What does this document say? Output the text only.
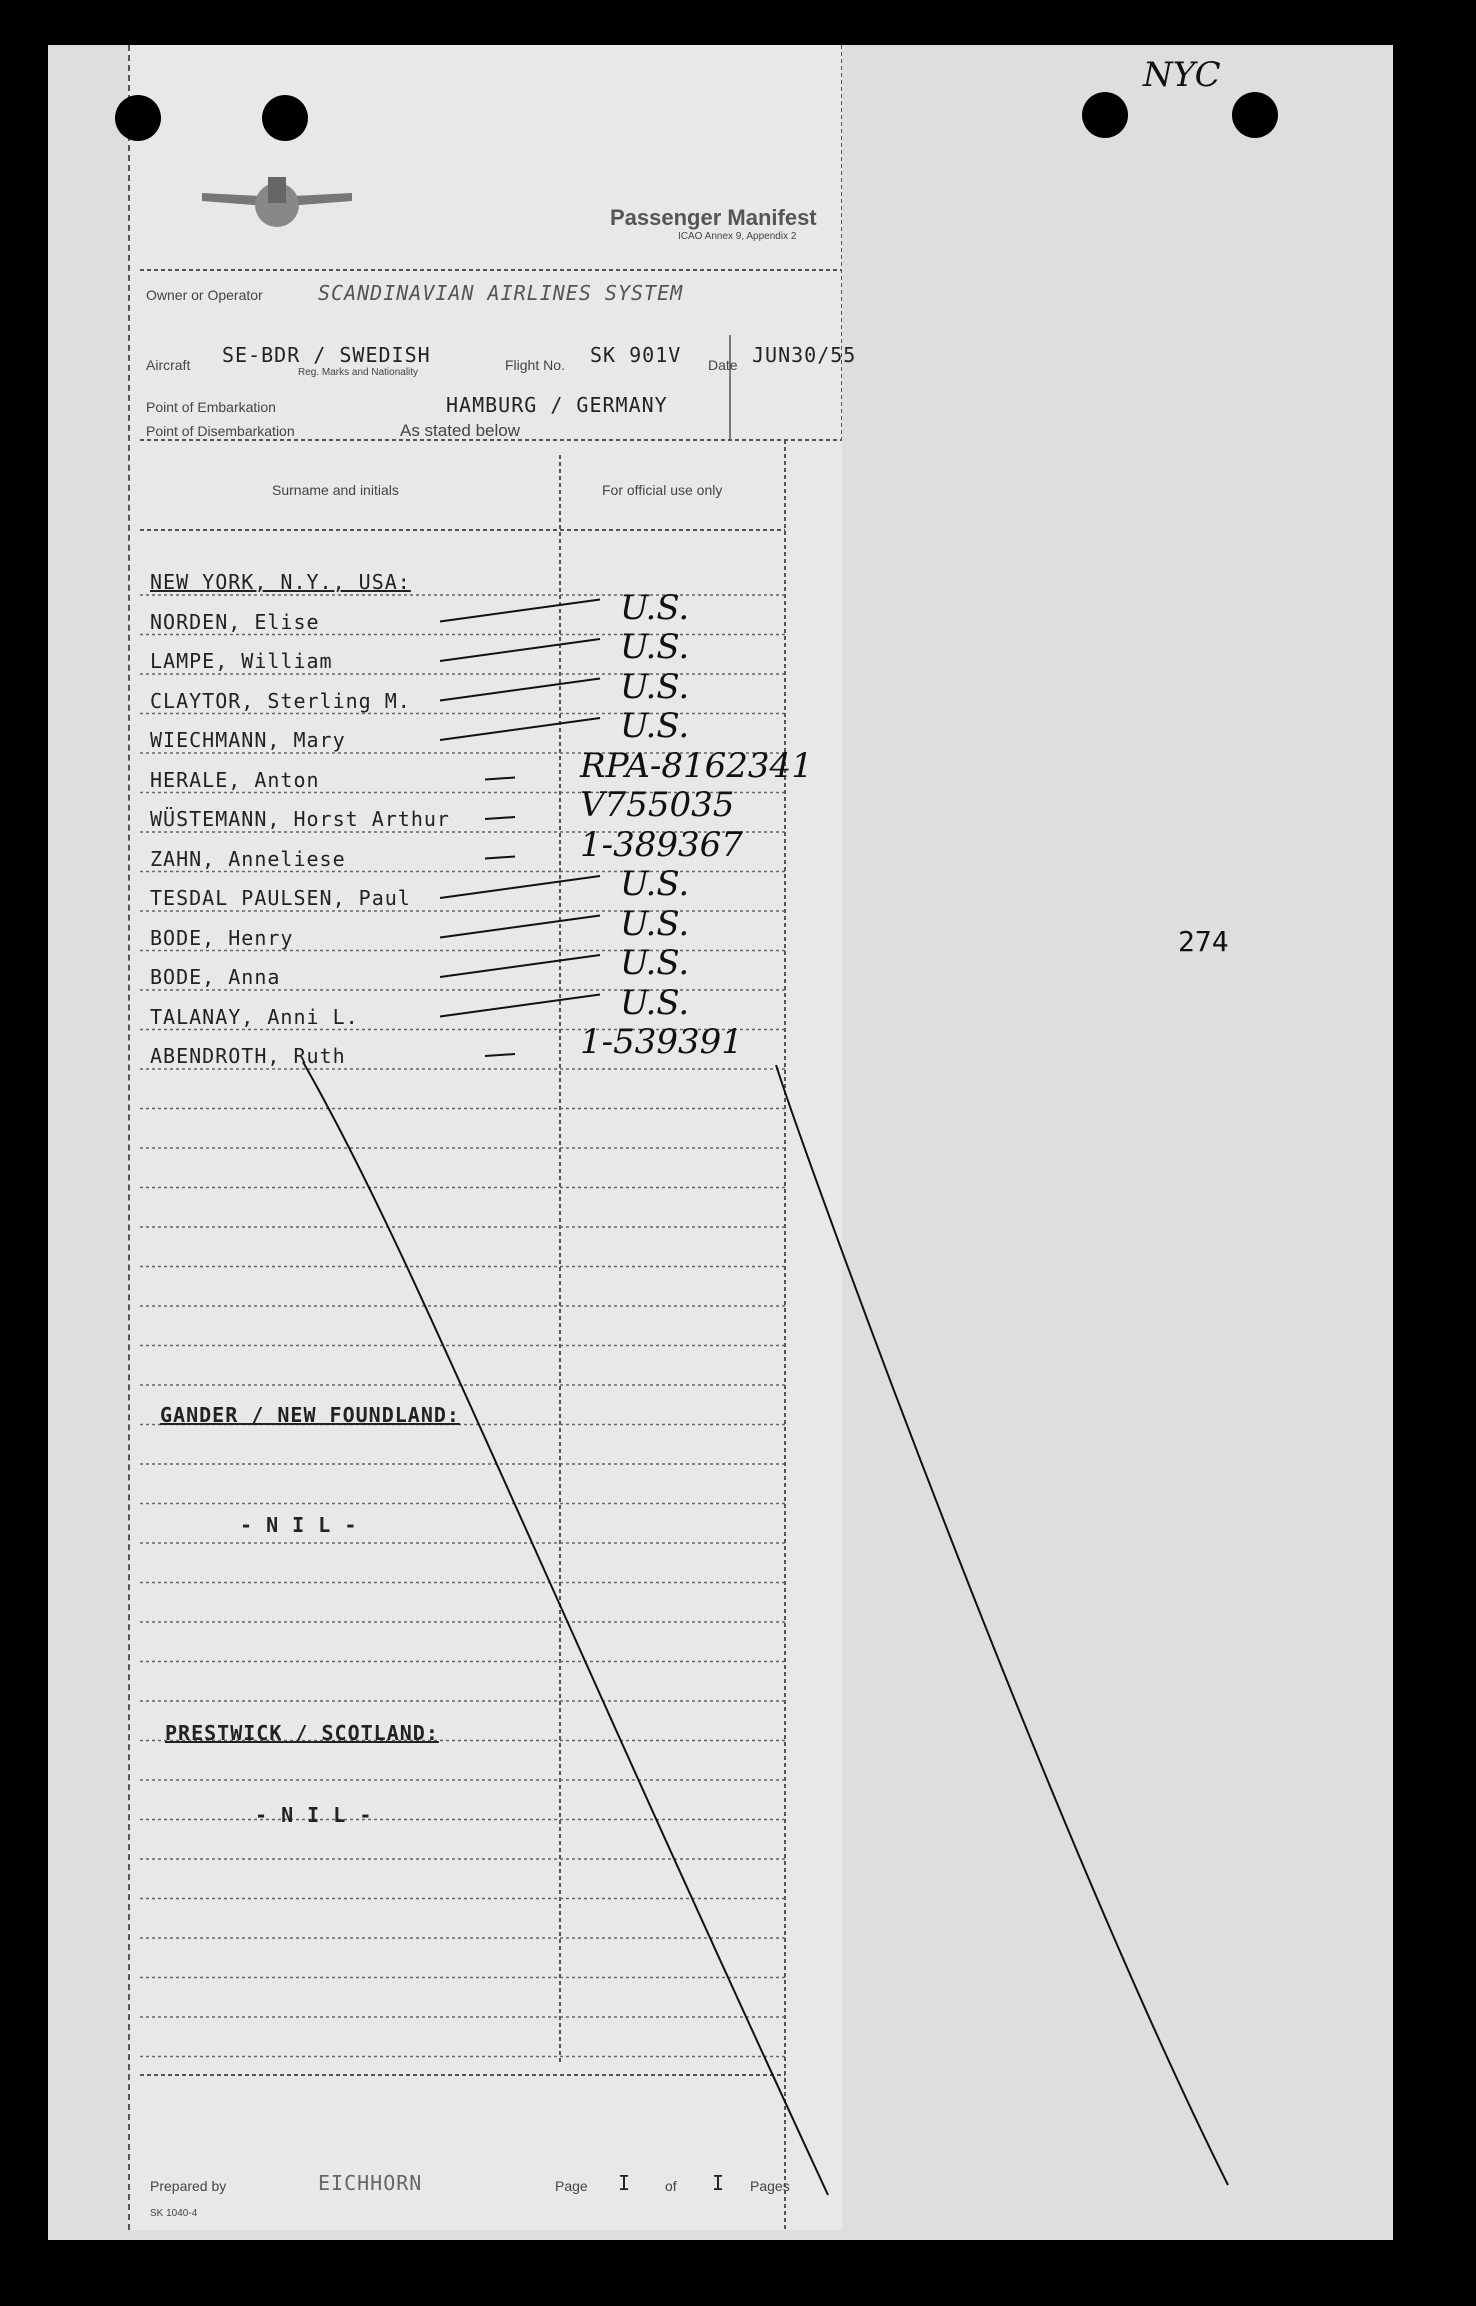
Passenger Manifest
ICAO Annex 9, Appendix 2
Owner or Operator	SCANDINAVIAN AIRLINES SYSTEM
Aircraft SE-BDR / SWEDISH
Reg. Marks and Nationality	Flight No. SK 901V Date JUN30/55
Point of Embarkation	HAMBURG / GERMANY
Point of Disembarkation	As stated below
Surname and initials	For official use only
NEW YORK, N.Y., USA:
NORDEN, Elise	U.S.
LAMPE, William	U.S.
CLAYTOR, Sterling M.	U.S.
WIECHMANN, Mary	U.S.
HERALE, Anton	RPA-8162341
WÜSTEMANN, Horst Arthur	V755035
ZAHN, Anneliese	1-389367
TESDAL PAULSEN, Paul	U.S.
BODE, Henry	U.S.
BODE, Anna	U.S.
TALANAY, Anni L.	U.S.
ABENDROTH, Ruth	1-539391
GANDER / NEW FOUNDLAND:
- N I L -
PRESTWICK / SCOTLAND:
- N I L -
Prepared by	EICHHORN	Page I of I Pages
SK 1040-4
NYC
274
